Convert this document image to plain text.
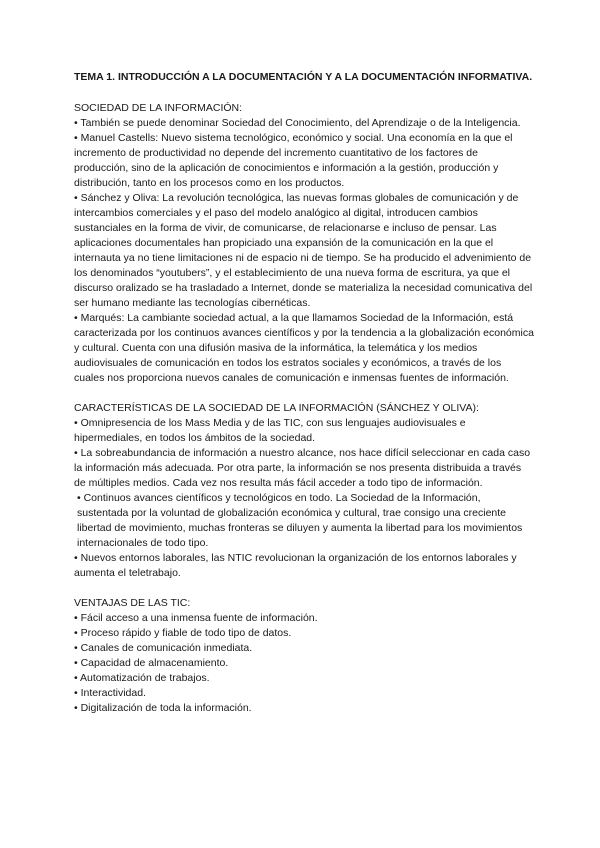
TEMA 1. INTRODUCCIÓN A LA DOCUMENTACIÓN Y A LA DOCUMENTACIÓN INFORMATIVA.

SOCIEDAD DE LA INFORMACIÓN:

• También se puede denominar Sociedad del Conocimiento, del Aprendizaje o de la Inteligencia.

• Manuel Castells: Nuevo sistema tecnológico, económico y social. Una economía en la que el incremento de productividad no depende del incremento cuantitativo de los factores de producción, sino de la aplicación de conocimientos e información a la gestión, producción y distribución, tanto en los procesos como en los productos.

• Sánchez y Oliva: La revolución tecnológica, las nuevas formas globales de comunicación y de intercambios comerciales y el paso del modelo analógico al digital, introducen cambios sustanciales en la forma de vivir, de comunicarse, de relacionarse e incluso de pensar. Las aplicaciones documentales han propiciado una expansión de la comunicación en la que el internauta ya no tiene limitaciones ni de espacio ni de tiempo. Se ha producido el advenimiento de los denominados “youtubers”, y el establecimiento de una nueva forma de escritura, ya que el discurso oralizado se ha trasladado a Internet, donde se materializa la necesidad comunicativa del ser humano mediante las tecnologías cibernéticas.

• Marqués: La cambiante sociedad actual, a la que llamamos Sociedad de la Información, está caracterizada por los continuos avances científicos y por la tendencia a la globalización económica y cultural. Cuenta con una difusión masiva de la informática, la telemática y los medios audiovisuales de comunicación en todos los estratos sociales y económicos, a través de los cuales nos proporciona nuevos canales de comunicación e inmensas fuentes de información.

CARACTERÍSTICAS DE LA SOCIEDAD DE LA INFORMACIÓN (SÁNCHEZ Y OLIVA):

• Omnipresencia de los Mass Media y de las TIC, con sus lenguajes audiovisuales e hipermediales, en todos los ámbitos de la sociedad.

• La sobreabundancia de información a nuestro alcance, nos hace difícil seleccionar en cada caso la información más adecuada. Por otra parte, la información se nos presenta distribuida a través de múltiples medios. Cada vez nos resulta más fácil acceder a todo tipo de información.

• Continuos avances científicos y tecnológicos en todo. La Sociedad de la Información, sustentada por la voluntad de globalización económica y cultural, trae consigo una creciente libertad de movimiento, muchas fronteras se diluyen y aumenta la libertad para los movimientos internacionales de todo tipo.

• Nuevos entornos laborales, las NTIC revolucionan la organización de los entornos laborales y aumenta el teletrabajo.

VENTAJAS DE LAS TIC:

• Fácil acceso a una inmensa fuente de información.

• Proceso rápido y fiable de todo tipo de datos.

• Canales de comunicación inmediata.

• Capacidad de almacenamiento.

• Automatización de trabajos.

• Interactividad.

• Digitalización de toda la información.
